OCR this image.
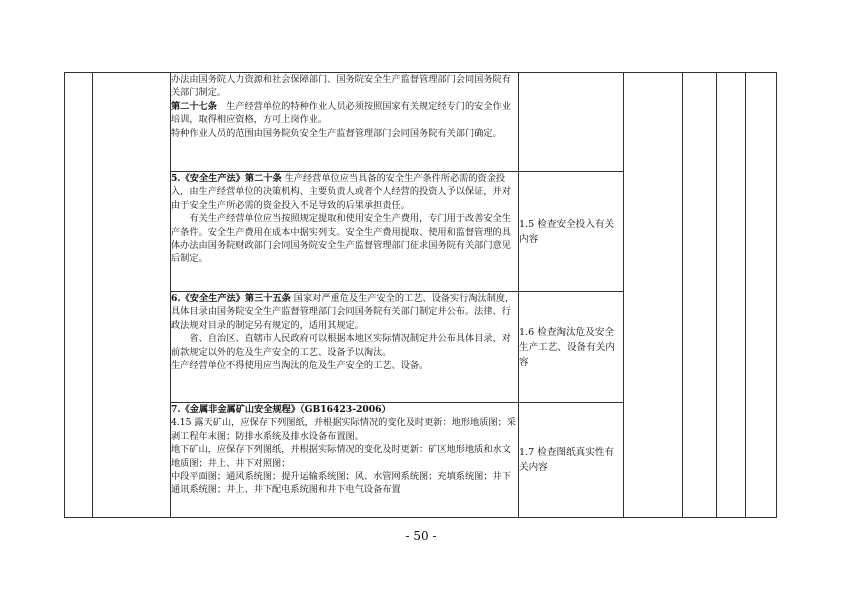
		办法由国务院人力资源和社会保障部门、国务院安全生产监督管理部门会同国务院有关部门制定。

第二十七条　生产经营单位的特种作业人员必须按照国家有关规定经专门的安全作业培训，取得相应资格，方可上岗作业。

特种作业人员的范围由国务院负安全生产监督管理部门会同国务院有关部门确定。					

		5.《安全生产法》第二十条 生产经营单位应当具备的安全生产条件所必需的资金投入，由生产经营单位的决策机构、主要负责人或者个人经营的投资人予以保证，并对由于安全生产所必需的资金投入不足导致的后果承担责任。

有关生产经营单位应当按照规定提取和使用安全生产费用，专门用于改善安全生产条件。安全生产费用在成本中据实列支。安全生产费用提取、使用和监督管理的具体办法由国务院财政部门会同国务院安全生产监督管理部门征求国务院有关部门意见后制定。	1.5 检查安全投入有关内容				

		6.《安全生产法》第三十五条 国家对严重危及生产安全的工艺、设备实行淘汰制度，具体目录由国务院安全生产监督管理部门会同国务院有关部门制定并公布。法律、行政法规对目录的制定另有规定的，适用其规定。

省、自治区、直辖市人民政府可以根据本地区实际情况制定并公布具体目录，对前款规定以外的危及生产安全的工艺、设备予以淘汰。

生产经营单位不得使用应当淘汰的危及生产安全的工艺、设备。	1.6 检查淘汰危及安全生产工艺、设备有关内容				

		7.《金属非金属矿山安全规程》（GB16423-2006）

4.15 露天矿山，应保存下列图纸，并根据实际情况的变化及时更新：地形地质图；采剥工程年末图；防排水系统及排水设备布置图。

地下矿山，应保存下列图纸，并根据实际情况的变化及时更新：矿区地形地质和水文地质图；井上、井下对照图；

中段平面图；通风系统图；提升运输系统图；风、水管网系统图；充填系统图；井下通讯系统图；井上、井下配电系统图和井下电气设备布置	1.7 检查图纸真实性有关内容				
- 50 -
